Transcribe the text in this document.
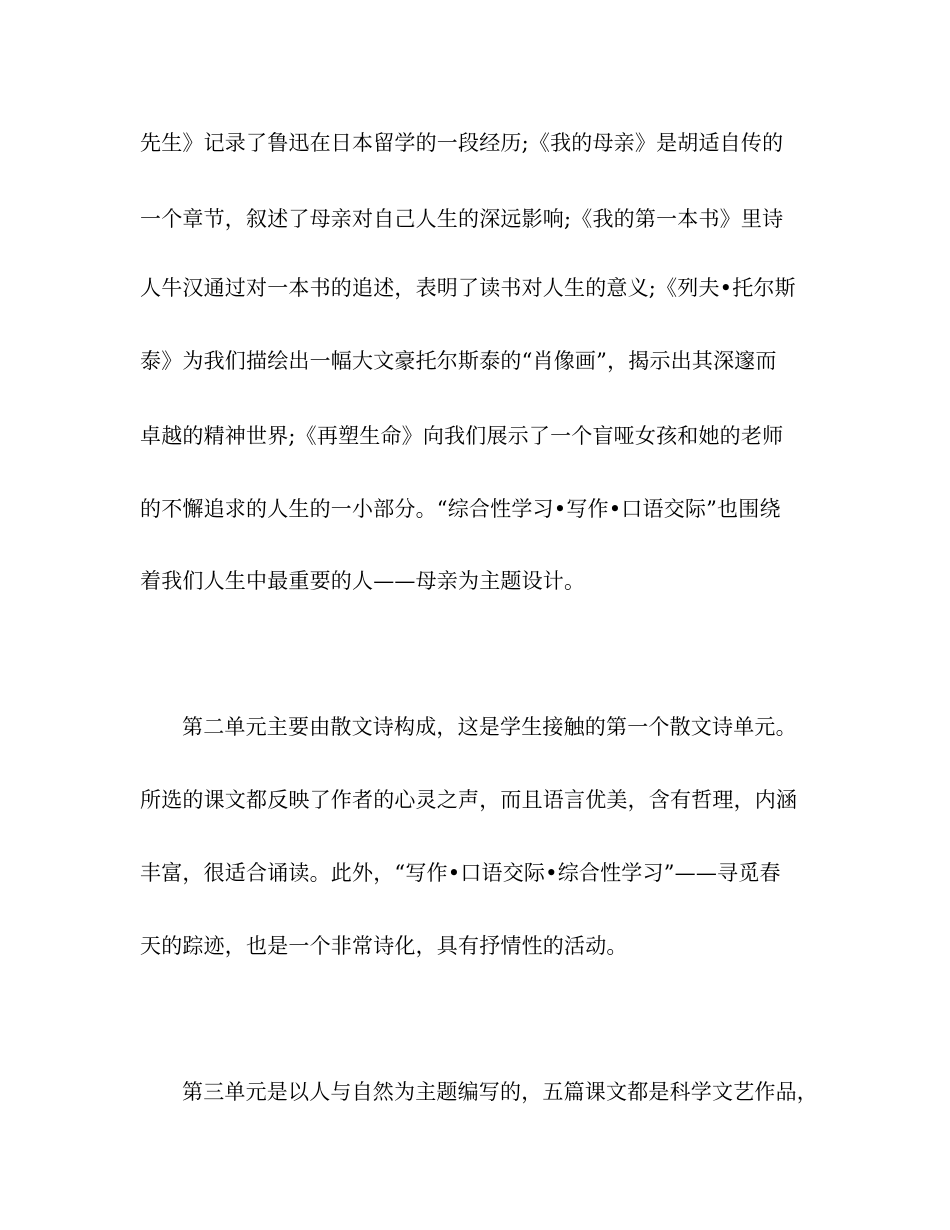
先生》记录了鲁迅在日本留学的一段经历;《我的母亲》是胡适自传的
一个章节，叙述了母亲对自己人生的深远影响;《我的第一本书》里诗
人牛汉通过对一本书的追述，表明了读书对人生的意义;《列夫•托尔斯
泰》为我们描绘出一幅大文豪托尔斯泰的“肖像画”，揭示出其深邃而
卓越的精神世界;《再塑生命》向我们展示了一个盲哑女孩和她的老师
的不懈追求的人生的一小部分。“综合性学习•写作•口语交际”也围绕
着我们人生中最重要的人——母亲为主题设计。
第二单元主要由散文诗构成，这是学生接触的第一个散文诗单元。
所选的课文都反映了作者的心灵之声，而且语言优美，含有哲理，内涵
丰富，很适合诵读。此外，“写作•口语交际•综合性学习”——寻觅春
天的踪迹，也是一个非常诗化，具有抒情性的活动。
第三单元是以人与自然为主题编写的，五篇课文都是科学文艺作品，
